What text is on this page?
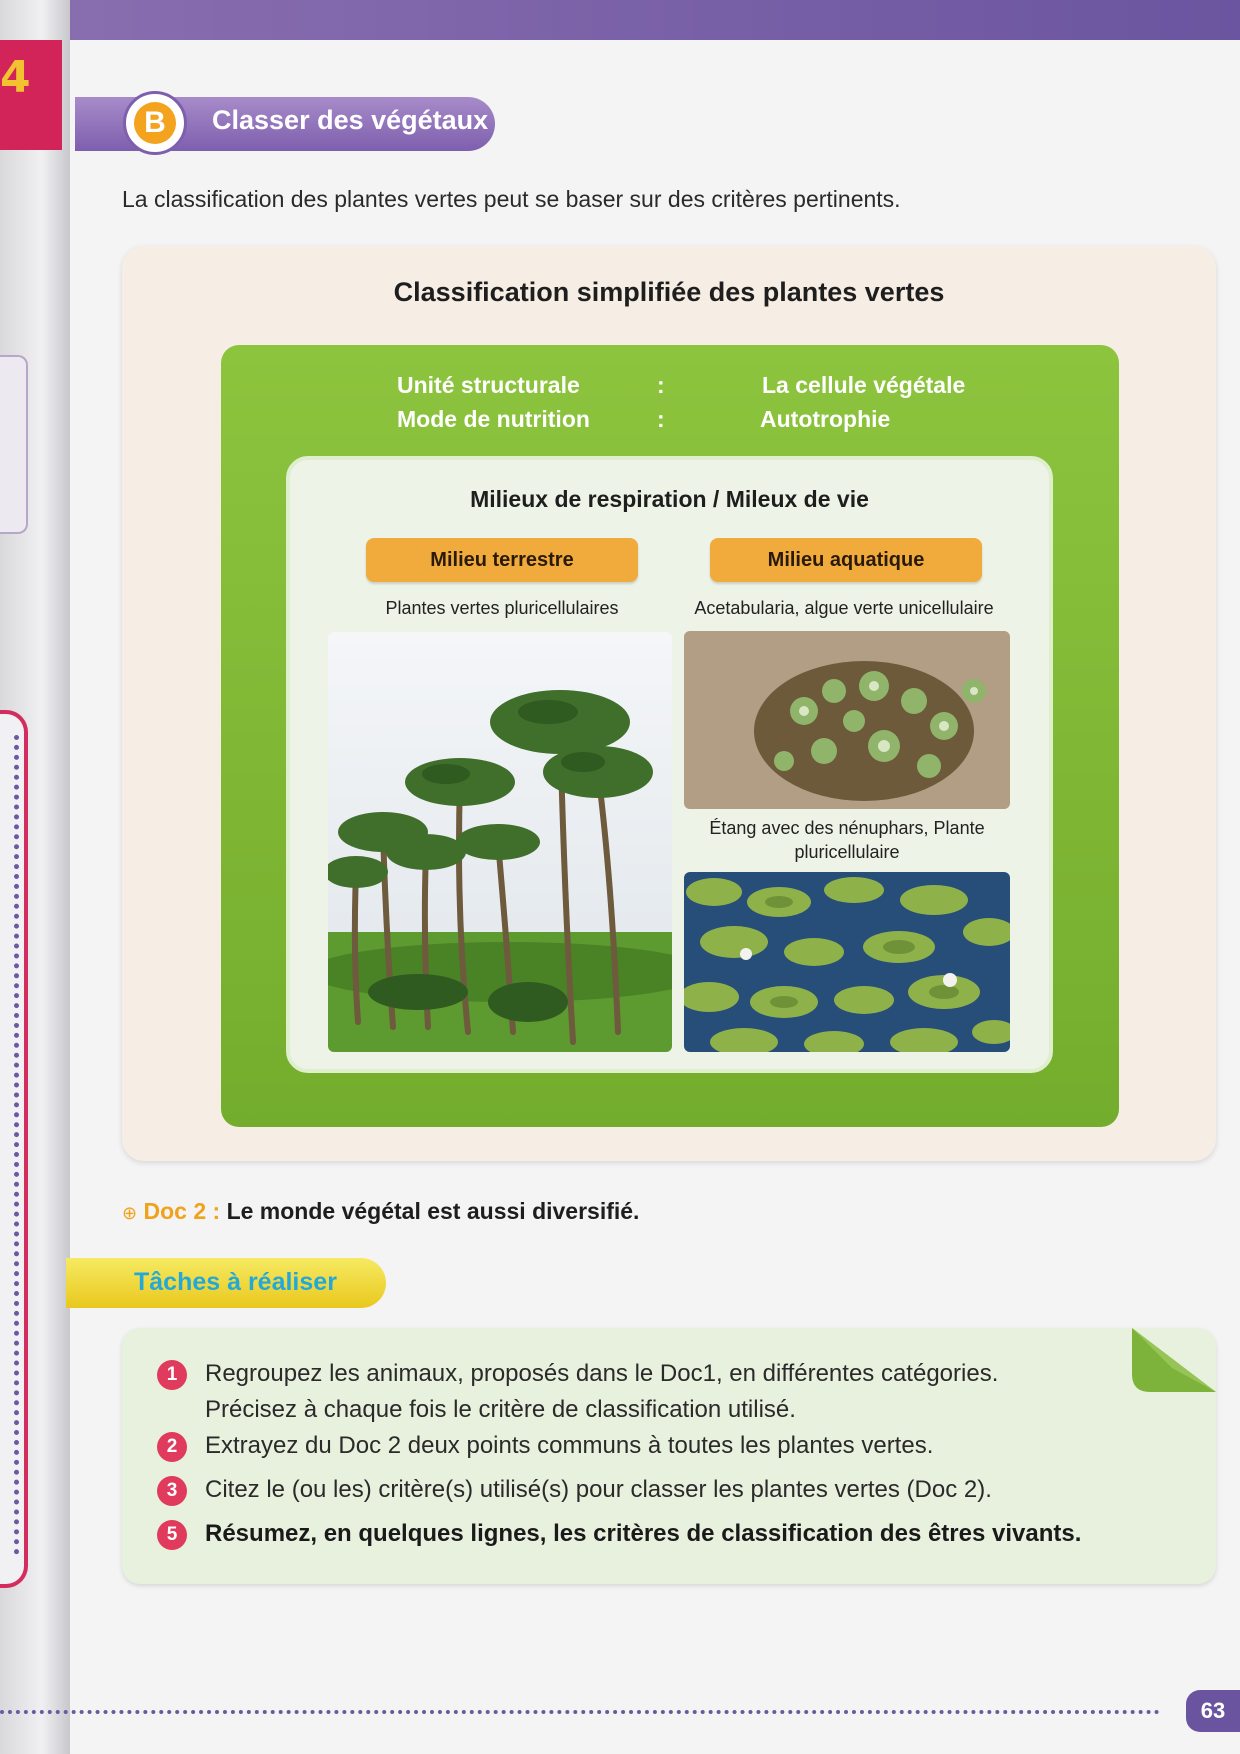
4
B	Classer des végétaux
La classification des plantes vertes peut se baser sur des critères pertinents.
Classification simplifiée des plantes vertes
Unité structurale	:	La cellule végétale
Mode de nutrition	:	Autotrophie
Milieux de respiration / Mileux de vie
Milieu terrestre	Milieu aquatique
Plantes vertes pluricellulaires	Acetabularia, algue verte unicellulaire
Étang avec des nénuphars, Plante
pluricellulaire
⊕ Doc 2 : Le monde végétal est aussi diversifié.
Tâches à réaliser
1	Regroupez les animaux, proposés dans le Doc1, en différentes catégories.
Précisez à chaque fois le critère de classification utilisé.
2	Extrayez du Doc 2 deux points communs à toutes les plantes vertes.
3	Citez le (ou les) critère(s) utilisé(s) pour classer les plantes vertes (Doc 2).
5	Résumez, en quelques lignes, les critères de classification des êtres vivants.
63
